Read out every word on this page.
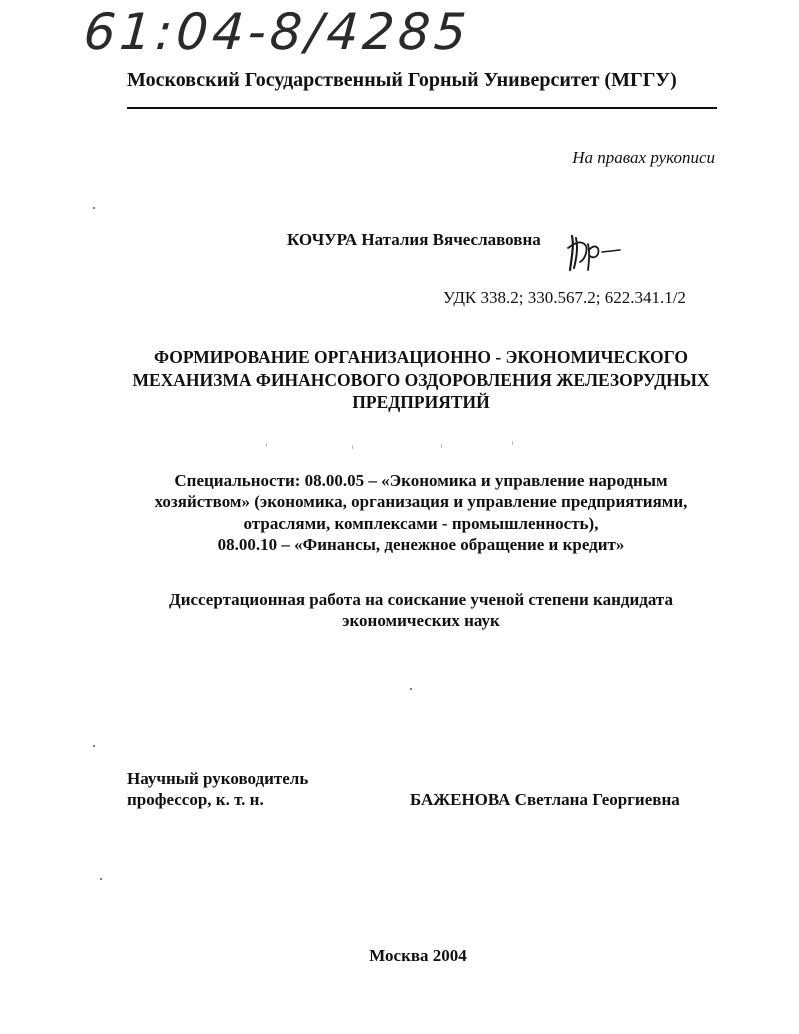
61:04-8/4285
Московский Государственный Горный Университет (МГГУ)
На правах рукописи
КОЧУРА Наталия Вячеславовна
УДК 338.2; 330.567.2; 622.341.1/2
ФОРМИРОВАНИЕ ОРГАНИЗАЦИОННО - ЭКОНОМИЧЕСКОГО
МЕХАНИЗМА ФИНАНСОВОГО ОЗДОРОВЛЕНИЯ ЖЕЛЕЗОРУДНЫХ
ПРЕДПРИЯТИЙ
Специальности: 08.00.05 – «Экономика и управление народным
хозяйством» (экономика, организация и управление предприятиями,
отраслями, комплексами - промышленность),
08.00.10 – «Финансы, денежное обращение и кредит»
Диссертационная работа на соискание ученой степени кандидата
экономических наук
Научный руководитель
профессор, к. т. н.	БАЖЕНОВА Светлана Георгиевна
Москва 2004
